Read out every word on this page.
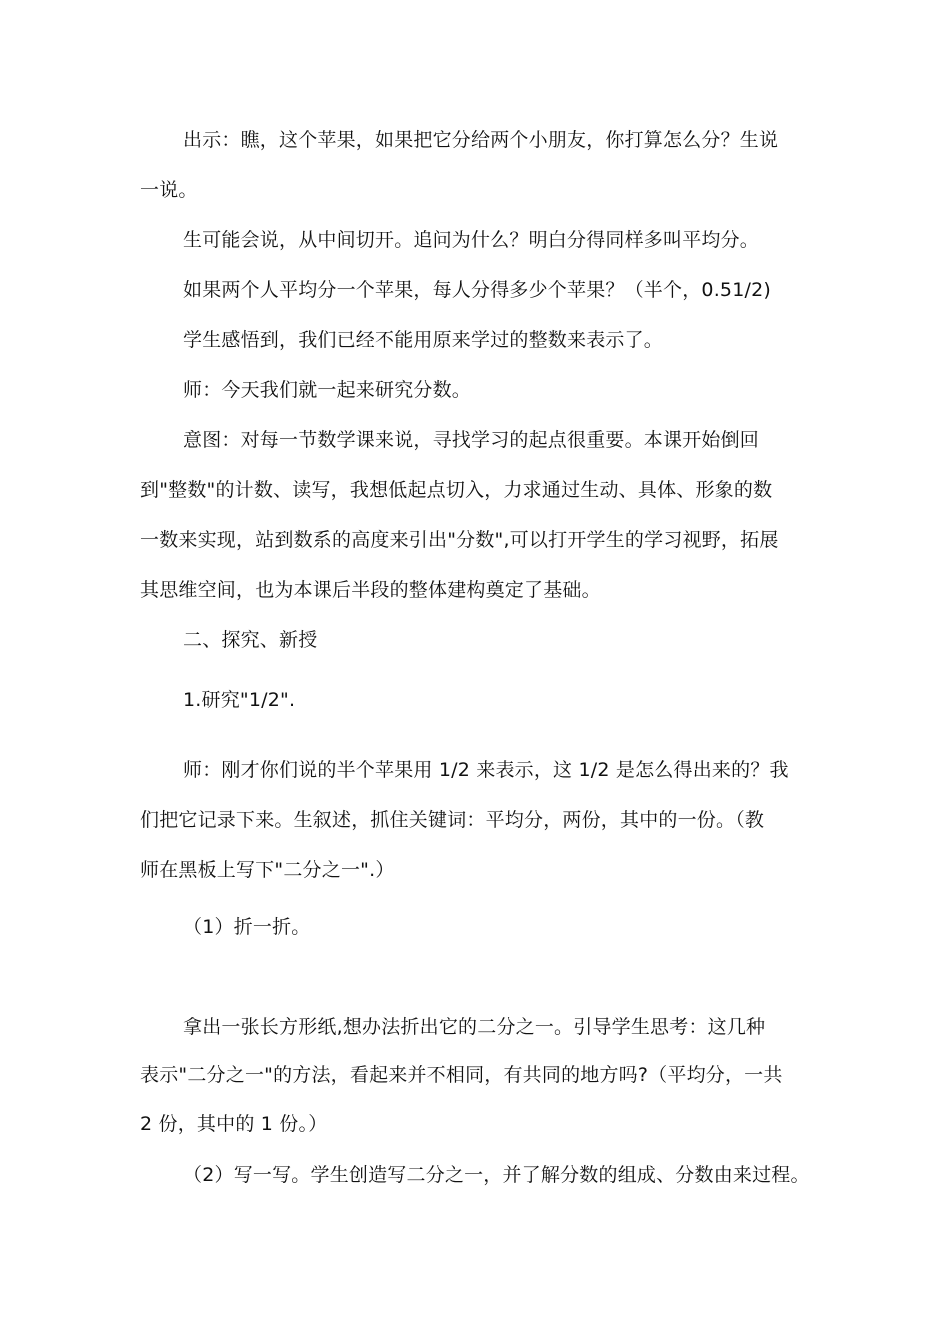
出示：瞧，这个苹果，如果把它分给两个小朋友，你打算怎么分？生说
一说。
生可能会说，从中间切开。追问为什么？明白分得同样多叫平均分。
如果两个人平均分一个苹果，每人分得多少个苹果？（半个，0.51/2)
学生感悟到，我们已经不能用原来学过的整数来表示了。
师：今天我们就一起来研究分数。
意图：对每一节数学课来说，寻找学习的起点很重要。本课开始倒回
到"整数"的计数、读写，我想低起点切入，力求通过生动、具体、形象的数
一数来实现，站到数系的高度来引出"分数",可以打开学生的学习视野，拓展
其思维空间，也为本课后半段的整体建构奠定了基础。
二、探究、新授
1.研究"1/2".
师：刚才你们说的半个苹果用 1/2 来表示，这 1/2 是怎么得出来的？我
们把它记录下来。生叙述，抓住关键词：平均分，两份，其中的一份。（教
师在黑板上写下"二分之一".）
（1）折一折。
拿出一张长方形纸,想办法折出它的二分之一。引导学生思考：这几种
表示"二分之一"的方法，看起来并不相同，有共同的地方吗?（平均分，一共
2 份，其中的 1 份。）
（2）写一写。学生创造写二分之一，并了解分数的组成、分数由来过程。
